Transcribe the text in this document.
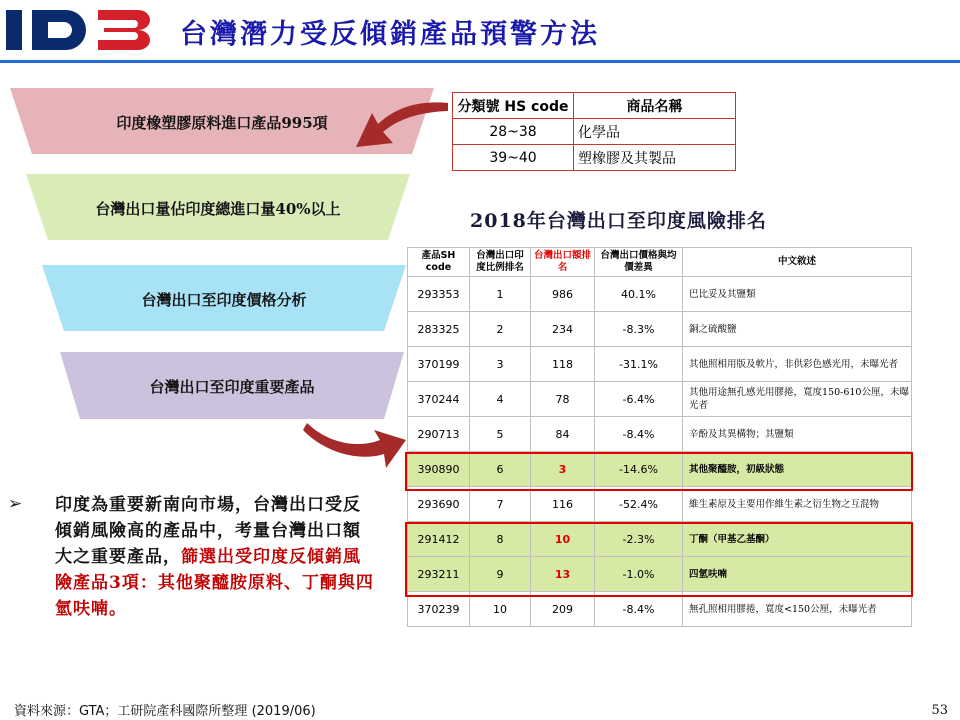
台灣潛力受反傾銷產品預警方法
印度橡塑膠原料進口產品995項
台灣出口量佔印度總進口量40%以上
台灣出口至印度價格分析
台灣出口至印度重要產品
分類號 HS code	商品名稱
28~38	化學品
39~40	塑橡膠及其製品
2018年台灣出口至印度風險排名
產品SH code	台灣出口印度比例排名	台灣出口額排名	台灣出口價格與均價差異	中文敘述
293353	1	986	40.1%	巴比妥及其鹽類
283325	2	234	-8.3%	銅之硫酸鹽
370199	3	118	-31.1%	其他照相用版及軟片，非供彩色感光用，未曝光者
370244	4	78	-6.4%	其他用途無孔感光用膠捲，寬度150-610公厘，未曝光者
290713	5	84	-8.4%	辛酚及其異構物；其鹽類
390890	6	3	-14.6%	其他聚醯胺，初級狀態
293690	7	116	-52.4%	維生素原及主要用作維生素之衍生物之互混物
291412	8	10	-2.3%	丁酮（甲基乙基酮）
293211	9	13	-1.0%	四氫呋喃
370239	10	209	-8.4%	無孔照相用膠捲，寬度<150公厘，未曝光者
➢ 印度為重要新南向市場，台灣出口受反傾銷風險高的產品中，考量台灣出口額大之重要產品，篩選出受印度反傾銷風險產品3項：其他聚醯胺原料、丁酮與四氫呋喃。
資料來源：GTA；工研院產科國際所整理 (2019/06)	53
